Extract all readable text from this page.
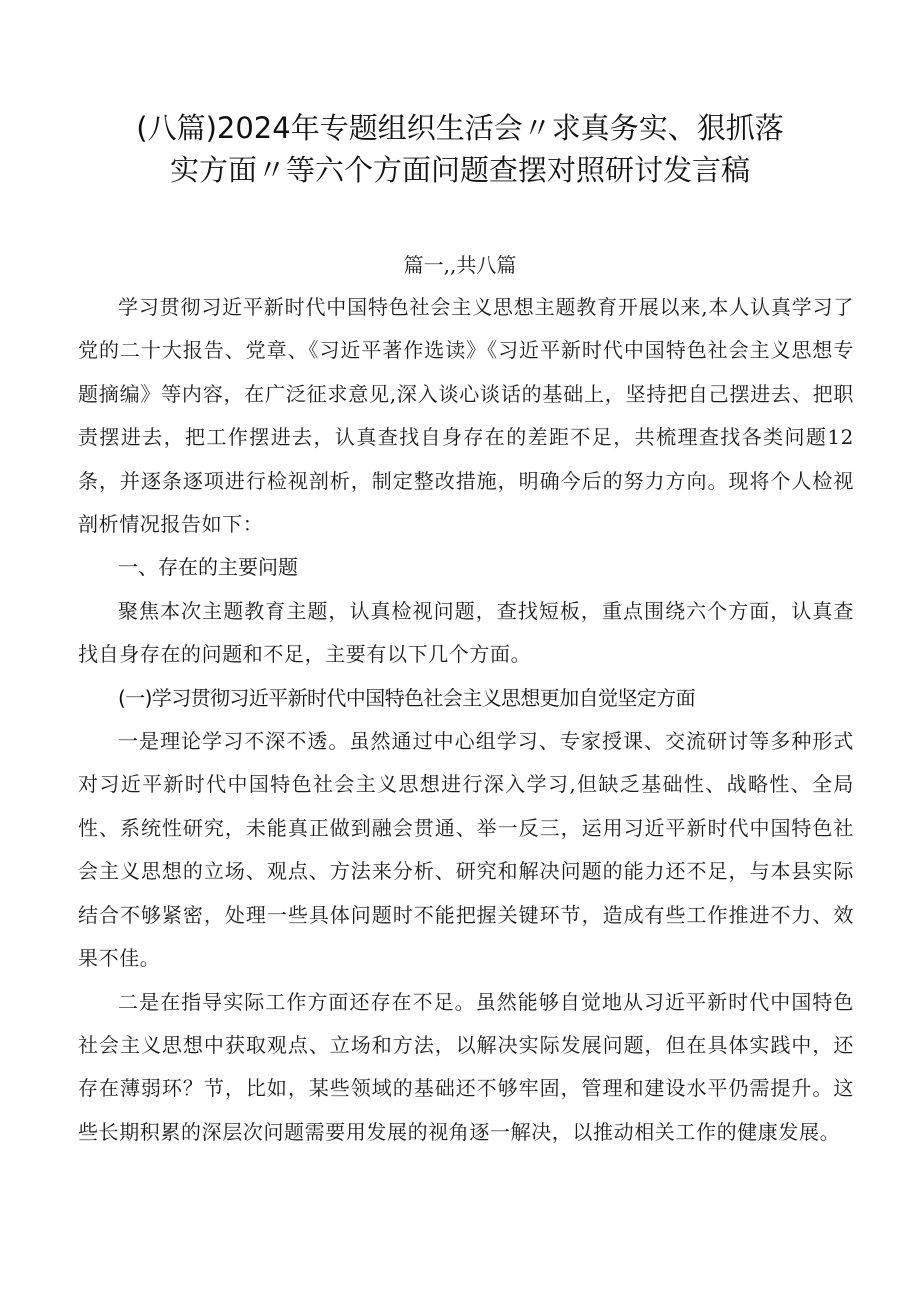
(八篇)2024年专题组织生活会〃求真务实、狠抓落
实方面〃等六个方面问题查摆对照研讨发言稿
篇一,,共八篇

学习贯彻习近平新时代中国特色社会主义思想主题教育开展以来,本人认真学习了党的二十大报告、党章、《习近平著作选读》《习近平新时代中国特色社会主义思想专题摘编》等内容，在广泛征求意见,深入谈心谈话的基础上，坚持把自己摆进去、把职责摆进去，把工作摆进去，认真查找自身存在的差距不足，共梳理查找各类问题12条，并逐条逐项进行检视剖析，制定整改措施，明确今后的努力方向。现将个人检视剖析情况报告如下：

一、存在的主要问题

聚焦本次主题教育主题，认真检视问题，查找短板，重点围绕六个方面，认真查找自身存在的问题和不足，主要有以下几个方面。

(一)学习贯彻习近平新时代中国特色社会主义思想更加自觉坚定方面

一是理论学习不深不透。虽然通过中心组学习、专家授课、交流研讨等多种形式对习近平新时代中国特色社会主义思想进行深入学习,但缺乏基础性、战略性、全局性、系统性研究，未能真正做到融会贯通、举一反三，运用习近平新时代中国特色社会主义思想的立场、观点、方法来分析、研究和解决问题的能力还不足，与本县实际结合不够紧密，处理一些具体问题时不能把握关键环节，造成有些工作推进不力、效果不佳。

二是在指导实际工作方面还存在不足。虽然能够自觉地从习近平新时代中国特色社会主义思想中获取观点、立场和方法，以解决实际发展问题，但在具体实践中，还存在薄弱环？节，比如，某些领域的基础还不够牢固，管理和建设水平仍需提升。这些长期积累的深层次问题需要用发展的视角逐一解决，以推动相关工作的健康发展。
